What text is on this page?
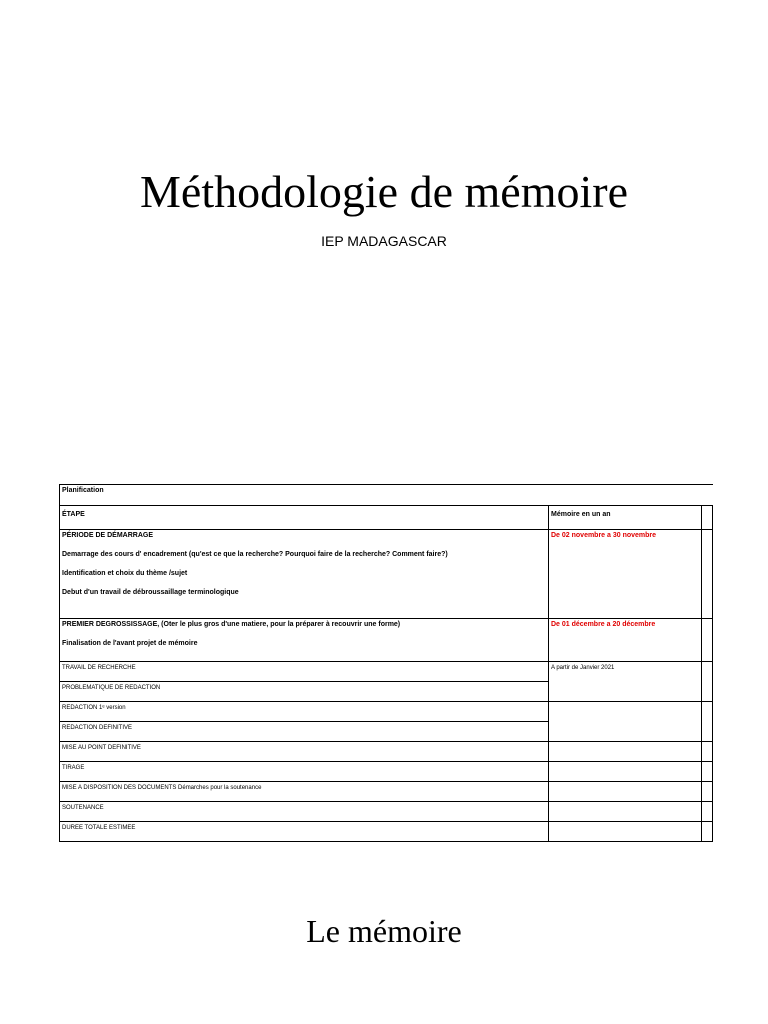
Méthodologie de mémoire
IEP MADAGASCAR
Planification		
ÉTAPE	Mémoire en un an	

PÉRIODE DE DÉMARRAGE
Demarrage des cours d' encadrement (qu'est ce que la recherche? Pourquoi faire de la recherche? Comment faire?)
Identification et choix du thème /sujet
Debut d'un travail de débroussaillage terminologique	De 02 novembre a 30 novembre	

PREMIER DEGROSSISSAGE, (Oter le plus gros d'une matiere, pour la préparer à recouvrir une forme)
Finalisation de l'avant projet de mémoire	De 01 décembre a 20 décembre	
TRAVAIL DE RECHERCHE	A partir de Janvier 2021	
PROBLEMATIQUE DE REDACTION		
REDACTION 1ᵉ version		
REDACTION DEFINITIVE		
MISE AU POINT DEFINITIVE		
TIRAGE		
MISE A DISPOSITION DES DOCUMENTS Démarches pour la soutenance		
SOUTENANCE		
DUREE TOTALE ESTIMEE		
Le mémoire
